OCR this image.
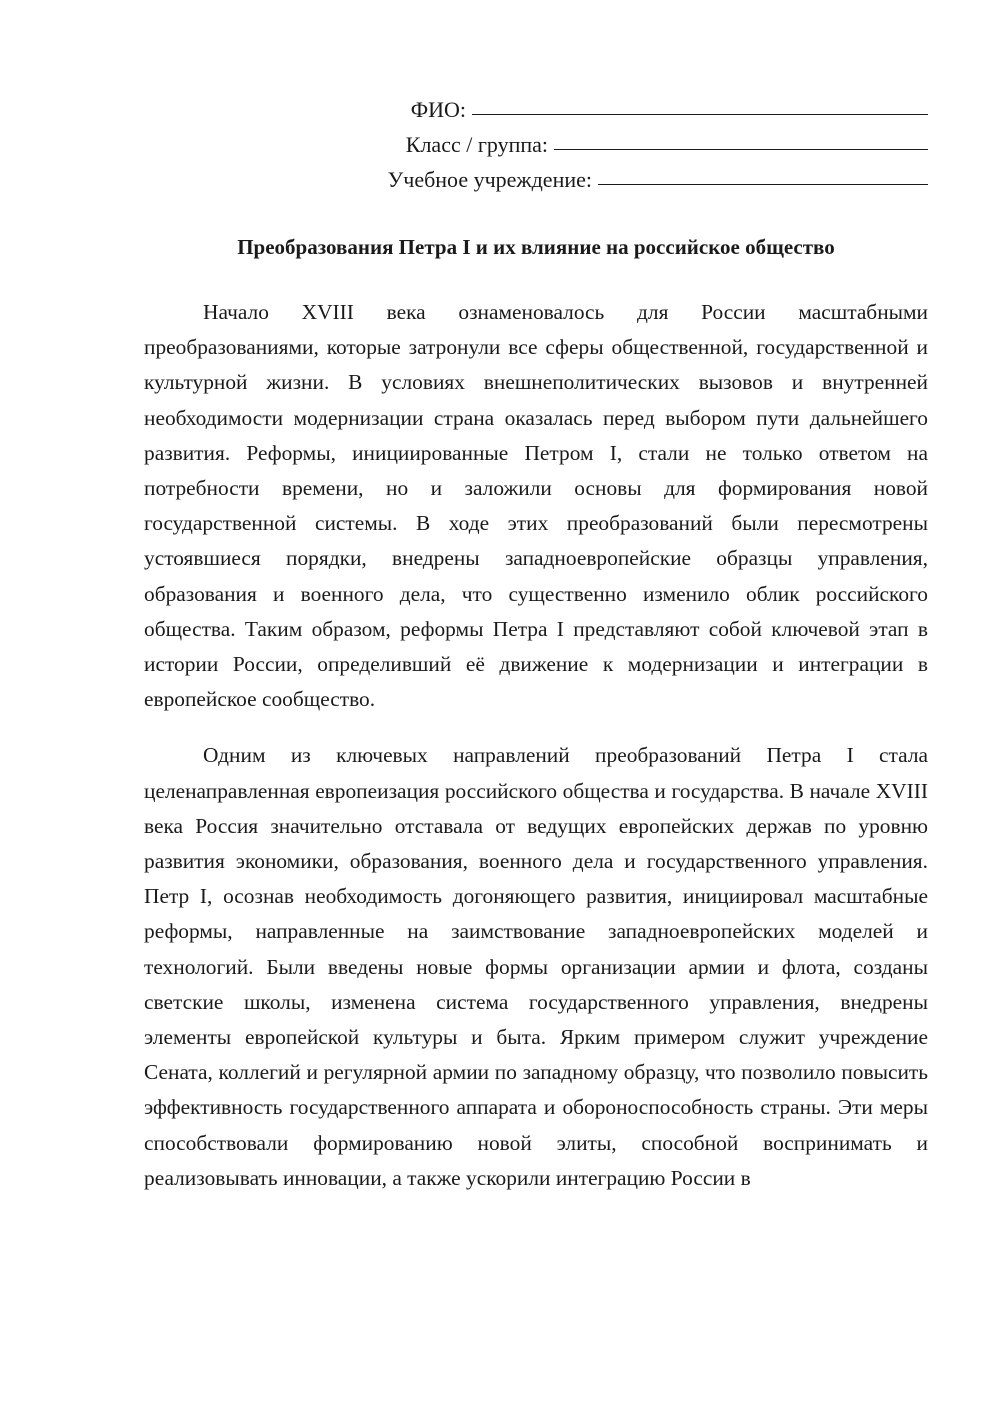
ФИО:
Класс / группа:
Учебное учреждение:
Преобразования Петра I и их влияние на российское общество

Начало XVIII века ознаменовалось для России масштабными преобразованиями, которые затронули все сферы общественной, государственной и культурной жизни. В условиях внешнеполитических вызовов и внутренней необходимости модернизации страна оказалась перед выбором пути дальнейшего развития. Реформы, инициированные Петром I, стали не только ответом на потребности времени, но и заложили основы для формирования новой государственной системы. В ходе этих преобразований были пересмотрены устоявшиеся порядки, внедрены западноевропейские образцы управления, образования и военного дела, что существенно изменило облик российского общества. Таким образом, реформы Петра I представляют собой ключевой этап в истории России, определивший её движение к модернизации и интеграции в европейское сообщество.

Одним из ключевых направлений преобразований Петра I стала целенаправленная европеизация российского общества и государства. В начале XVIII века Россия значительно отставала от ведущих европейских держав по уровню развития экономики, образования, военного дела и государственного управления. Петр I, осознав необходимость догоняющего развития, инициировал масштабные реформы, направленные на заимствование западноевропейских моделей и технологий. Были введены новые формы организации армии и флота, созданы светские школы, изменена система государственного управления, внедрены элементы европейской культуры и быта. Ярким примером служит учреждение Сената, коллегий и регулярной армии по западному образцу, что позволило повысить эффективность государственного аппарата и обороноспособность страны. Эти меры способствовали формированию новой элиты, способной воспринимать и реализовывать инновации, а также ускорили интеграцию России в
